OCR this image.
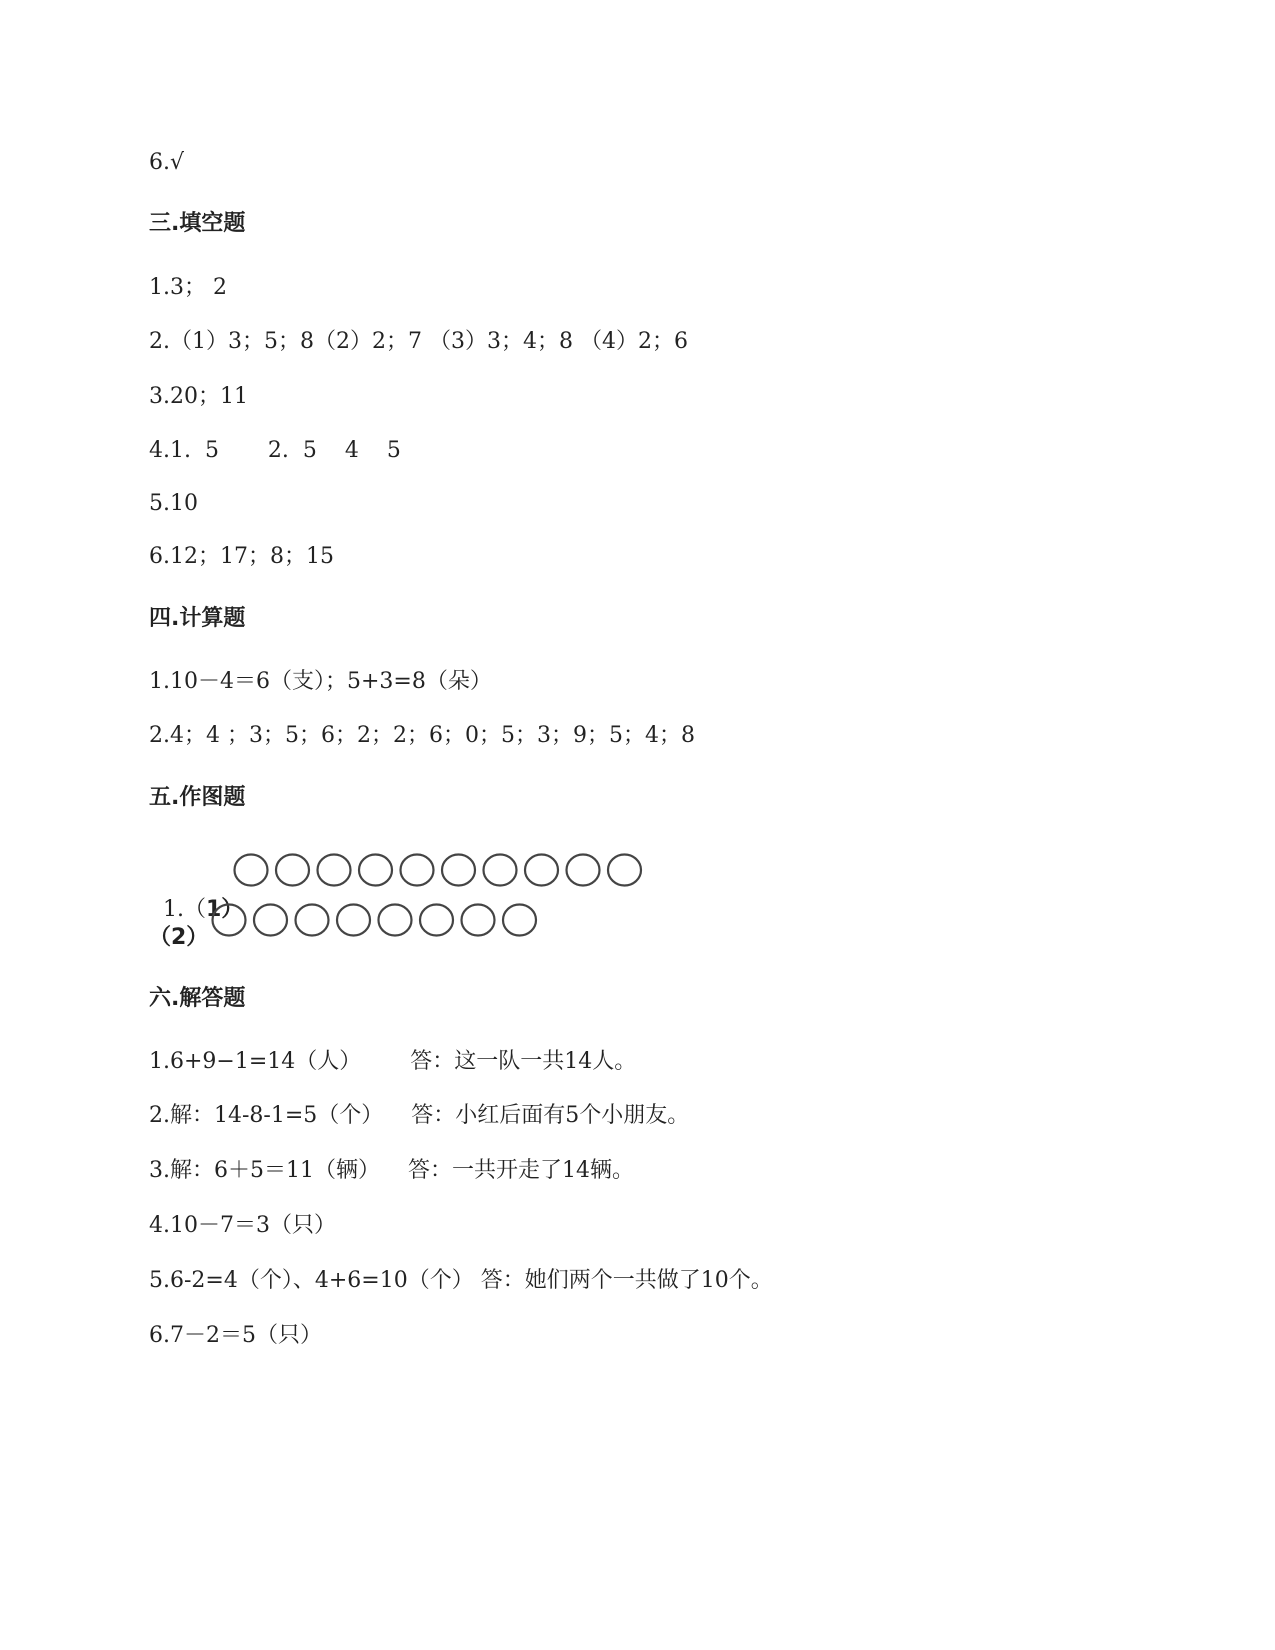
6.√
三.填空题
1.3； 2
2.（1）3；5；8（2）2；7 （3）3；4；8 （4）2；6
3.20；11
4.1.  5       2.  5    4    5
5.10
6.12；17；8；15
四.计算题
1.10－4＝6（支）；5+3=8（朵）
2.4；4 ；3；5；6；2；2；6；0；5；3；9；5；4；8
五.作图题

1.（1）

（2）
六.解答题
1.6+9−1=14（人）       答：这一队一共14人。
2.解：14-8-1=5（个）    答：小红后面有5个小朋友。
3.解：6＋5＝11（辆）    答：一共开走了14辆。
4.10－7＝3（只）
5.6-2=4（个）、4+6=10（个） 答：她们两个一共做了10个。
6.7－2＝5（只）
